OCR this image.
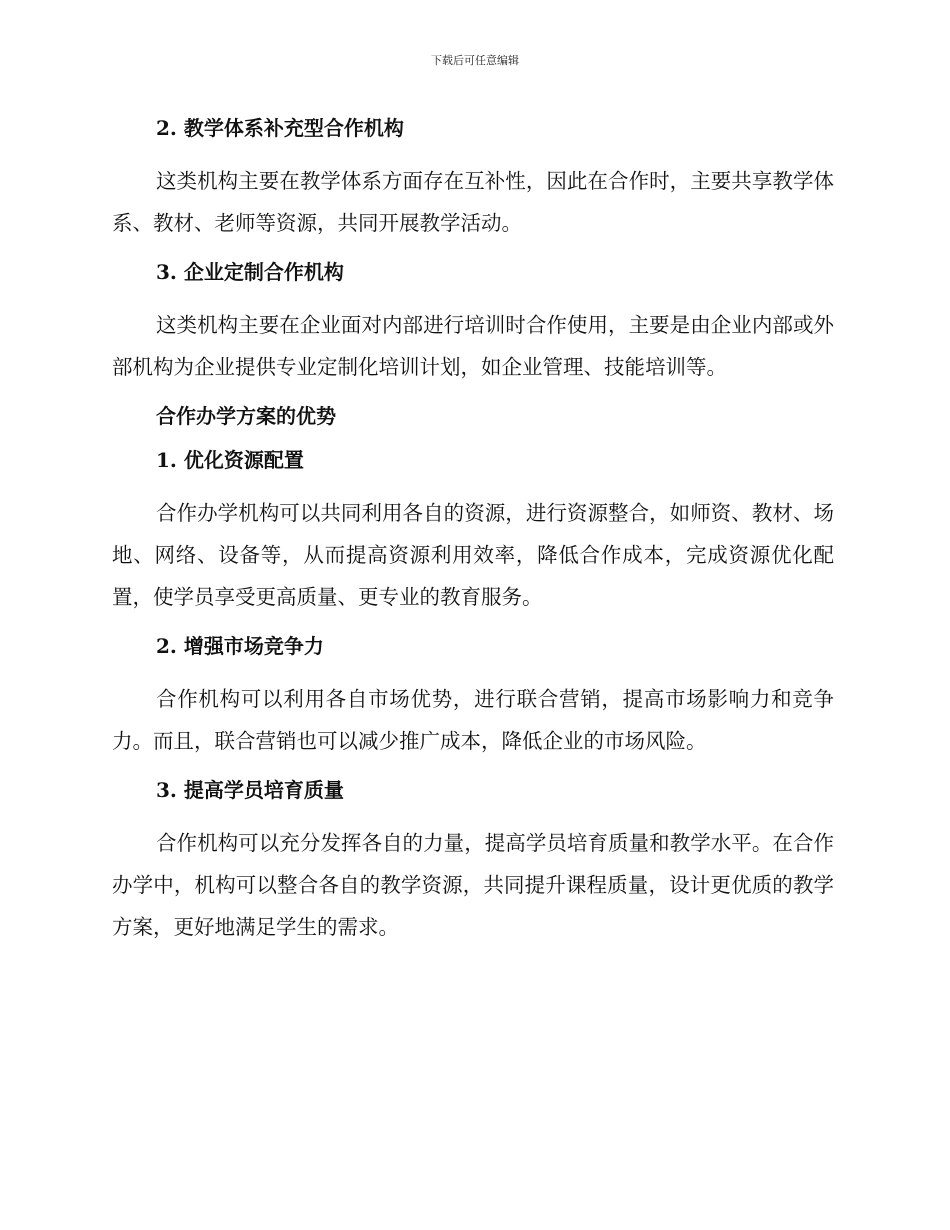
下载后可任意编辑
2. 教学体系补充型合作机构

这类机构主要在教学体系方面存在互补性，因此在合作时，主要共享教学体系、教材、老师等资源，共同开展教学活动。

3. 企业定制合作机构

这类机构主要在企业面对内部进行培训时合作使用，主要是由企业内部或外部机构为企业提供专业定制化培训计划，如企业管理、技能培训等。

合作办学方案的优势
1. 优化资源配置

合作办学机构可以共同利用各自的资源，进行资源整合，如师资、教材、场地、网络、设备等，从而提高资源利用效率，降低合作成本，完成资源优化配置，使学员享受更高质量、更专业的教育服务。

2. 增强市场竞争力

合作机构可以利用各自市场优势，进行联合营销，提高市场影响力和竞争力。而且，联合营销也可以减少推广成本，降低企业的市场风险。

3. 提高学员培育质量

合作机构可以充分发挥各自的力量，提高学员培育质量和教学水平。在合作办学中，机构可以整合各自的教学资源，共同提升课程质量，设计更优质的教学方案，更好地满足学生的需求。
